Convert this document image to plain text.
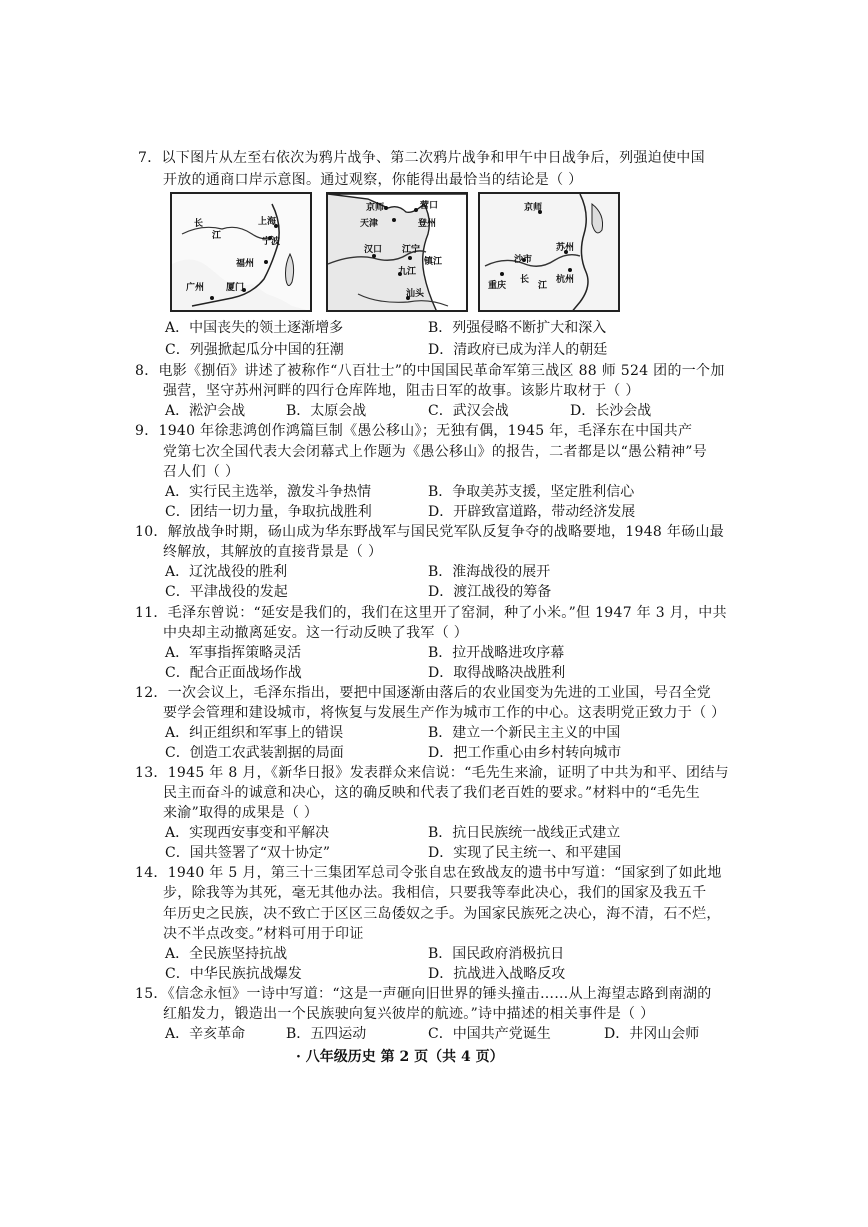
7．以下图片从左至右依次为鸦片战争、第二次鸦片战争和甲午中日战争后，列强迫使中国
开放的通商口岸示意图。通过观察，你能得出最恰当的结论是（ ）
长
江
上海
宁波
福州
厦门
广州
京师
天津
营口
登州
汉口 江宁
九江
镇江
汕头
京师
沙市
苏州
重庆
长
江
杭州
A．中国丧失的领土逐渐增多	B．列强侵略不断扩大和深入
C．列强掀起瓜分中国的狂潮	D．清政府已成为洋人的朝廷
8．电影《捌佰》讲述了被称作“八百壮士”的中国国民革命军第三战区 88 师 524 团的一个加
强营，坚守苏州河畔的四行仓库阵地，阻击日军的故事。该影片取材于（ ）
A．淞沪会战	B．太原会战	C．武汉会战	D．长沙会战
9．1940 年徐悲鸿创作鸿篇巨制《愚公移山》；无独有偶，1945 年，毛泽东在中国共产
党第七次全国代表大会闭幕式上作题为《愚公移山》的报告，二者都是以“愚公精神”号
召人们（ ）
A．实行民主选举，激发斗争热情	B．争取美苏支援，坚定胜利信心
C．团结一切力量，争取抗战胜利	D．开辟致富道路，带动经济发展
10．解放战争时期，砀山成为华东野战军与国民党军队反复争夺的战略要地，1948 年砀山最
终解放，其解放的直接背景是（ ）
A．辽沈战役的胜利	B．淮海战役的展开
C．平津战役的发起	D．渡江战役的筹备
11．毛泽东曾说：“延安是我们的，我们在这里开了窑洞，种了小米。”但 1947 年 3 月，中共
中央却主动撤离延安。这一行动反映了我军（ ）
A．军事指挥策略灵活	B．拉开战略进攻序幕
C．配合正面战场作战	D．取得战略决战胜利
12．一次会议上，毛泽东指出，要把中国逐渐由落后的农业国变为先进的工业国，号召全党
要学会管理和建设城市，将恢复与发展生产作为城市工作的中心。这表明党正致力于（ ）
A．纠正组织和军事上的错误	B．建立一个新民主主义的中国
C．创造工农武装割据的局面	D．把工作重心由乡村转向城市
13．1945 年 8 月，《新华日报》发表群众来信说：“毛先生来渝，证明了中共为和平、团结与
民主而奋斗的诚意和决心，这的确反映和代表了我们老百姓的要求。”材料中的“毛先生
来渝”取得的成果是（ ）
A．实现西安事变和平解决	B．抗日民族统一战线正式建立
C．国共签署了“双十协定”	D．实现了民主统一、和平建国
14．1940 年 5 月，第三十三集团军总司令张自忠在致战友的遗书中写道：“国家到了如此地
步，除我等为其死，毫无其他办法。我相信，只要我等奉此决心，我们的国家及我五千
年历史之民族，决不致亡于区区三岛倭奴之手。为国家民族死之决心，海不清，石不烂，
决不半点改变。”材料可用于印证
A．全民族坚持抗战	B．国民政府消极抗日
C．中华民族抗战爆发	D．抗战进入战略反攻
15．《信念永恒》一诗中写道：“这是一声砸向旧世界的锤头撞击……从上海望志路到南湖的
红船发力，锻造出一个民族驶向复兴彼岸的航迹。”诗中描述的相关事件是（ ）
A．辛亥革命	B．五四运动	C．中国共产党诞生	D．井冈山会师
· 八年级历史 第 2 页（共 4 页）
